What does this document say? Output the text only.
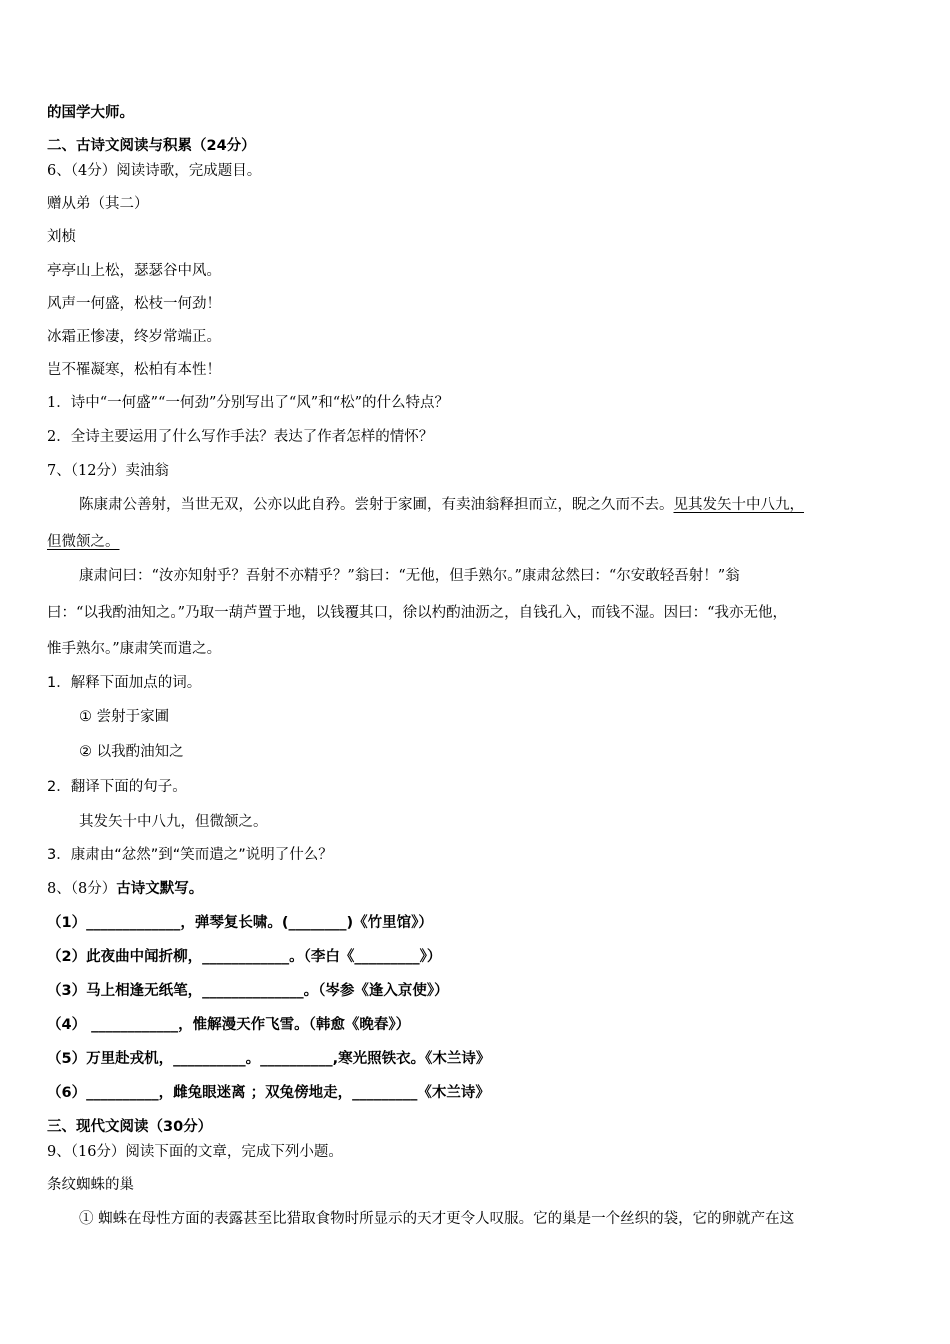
的国学大师。
二、古诗文阅读与积累（24分）
6、（4分）阅读诗歌，完成题目。
赠从弟（其二）
刘桢
亭亭山上松，瑟瑟谷中风。
风声一何盛，松枝一何劲！
冰霜正惨凄，终岁常端正。
岂不罹凝寒，松柏有本性！
1．诗中“一何盛”“一何劲”分别写出了“风”和“松”的什么特点？
2．全诗主要运用了什么写作手法？表达了作者怎样的情怀？
7、（12分）卖油翁
陈康肃公善射，当世无双，公亦以此自矜。尝射于家圃，有卖油翁释担而立，睨之久而不去。见其发矢十中八九，
但微颔之。
康肃问曰：“汝亦知射乎？吾射不亦精乎？”翁曰：“无他，但手熟尔。”康肃忿然曰：“尔安敢轻吾射！”翁
曰：“以我酌油知之。”乃取一葫芦置于地，以钱覆其口，徐以杓酌油沥之，自钱孔入，而钱不湿。因曰：“我亦无他，
惟手熟尔。”康肃笑而遣之。
1．解释下面加点的词。
① 尝射于家圃
② 以我酌油知之
2．翻译下面的句子。
其发矢十中八九，但微颔之。
3．康肃由“忿然”到“笑而遣之”说明了什么？
8、（8分）古诗文默写。
（1）_____________，弹琴复长啸。(________)《竹里馆》）
（2）此夜曲中闻折柳，____________。（李白《_________》）
（3）马上相逢无纸笔，______________。（岑参《逢入京使》）
（4） ____________，惟解漫天作飞雪。（韩愈《晚春》）
（5）万里赴戎机，__________。__________,寒光照铁衣。《木兰诗》
（6）__________，雌兔眼迷离 ；双兔傍地走，_________《木兰诗》
三、现代文阅读（30分）
9、（16分）阅读下面的文章，完成下列小题。
条纹蜘蛛的巢
① 蜘蛛在母性方面的表露甚至比猎取食物时所显示的天才更令人叹服。它的巢是一个丝织的袋，它的卵就产在这
